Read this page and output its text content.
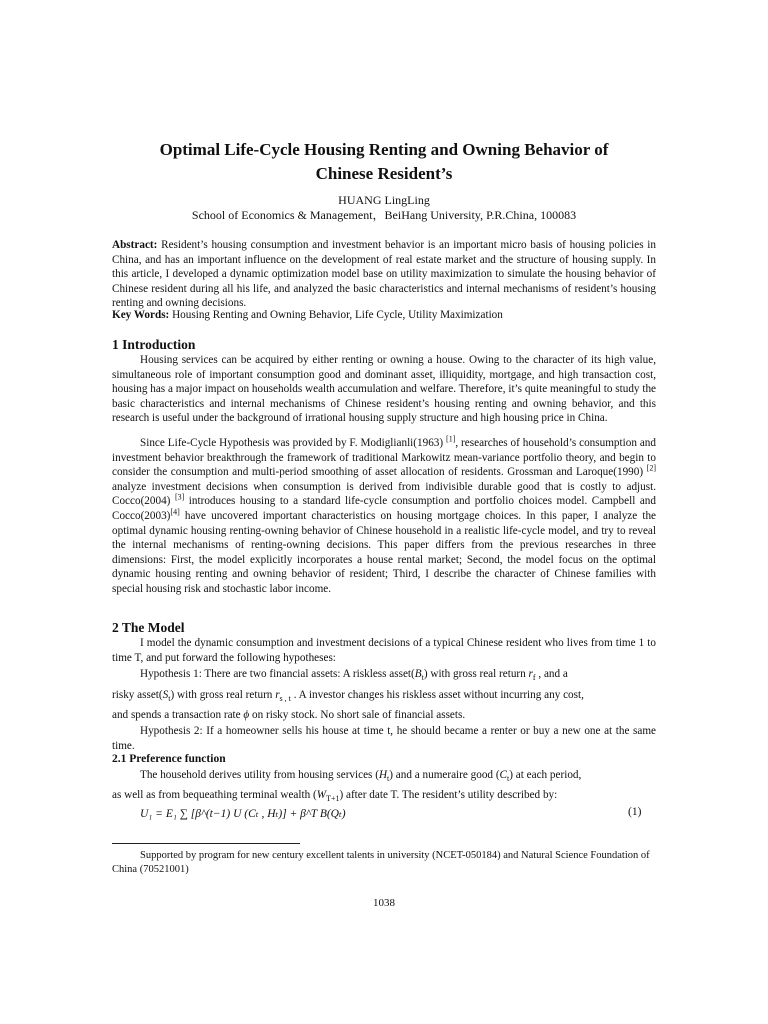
Optimal Life-Cycle Housing Renting and Owning Behavior of
Chinese Resident’s
HUANG LingLing
School of Economics & Management，BeiHang University, P.R.China, 100083
Abstract: Resident’s housing consumption and investment behavior is an important micro basis of housing policies in China, and has an important influence on the development of real estate market and the structure of housing supply. In this article, I developed a dynamic optimization model base on utility maximization to simulate the housing behavior of Chinese resident during all his life, and analyzed the basic characteristics and internal mechanisms of resident’s housing renting and owning decisions.
Key Words: Housing Renting and Owning Behavior, Life Cycle, Utility Maximization
1 Introduction
Housing services can be acquired by either renting or owning a house. Owing to the character of its high value, simultaneous role of important consumption good and dominant asset, illiquidity, mortgage, and high transaction cost, housing has a major impact on households wealth accumulation and welfare. Therefore, it’s quite meaningful to study the basic characteristics and internal mechanisms of Chinese resident’s housing renting and owning behavior, and this research is useful under the background of irrational housing supply structure and high housing price in China.
Since Life-Cycle Hypothesis was provided by F. Modiglianli(1963) [1], researches of household’s consumption and investment behavior breakthrough the framework of traditional Markowitz mean-variance portfolio theory, and begin to consider the consumption and multi-period smoothing of asset allocation of residents. Grossman and Laroque(1990) [2] analyze investment decisions when consumption is derived from indivisible durable good that is costly to adjust. Cocco(2004) [3] introduces housing to a standard life-cycle consumption and portfolio choices model. Campbell and Cocco(2003)[4] have uncovered important characteristics on housing mortgage choices. In this paper, I analyze the optimal dynamic housing renting-owning behavior of Chinese household in a realistic life-cycle model, and try to reveal the internal mechanisms of renting-owning decisions. This paper differs from the previous researches in three dimensions: First, the model explicitly incorporates a house rental market; Second, the model focus on the optimal dynamic housing renting and owning behavior of resident; Third, I describe the character of Chinese families with special housing risk and stochastic labor income.
2 The Model
I model the dynamic consumption and investment decisions of a typical Chinese resident who lives from time 1 to time T, and put forward the following hypotheses:
Hypothesis 1: There are two financial assets: A riskless $asset(B_t)$ with gross real return $r_f$ , and a
risky $asset(S_t)$ with gross real return $r_{s , t}$ . A investor changes his riskless asset without incurring any cost,
and spends a transaction rate ϕ on risky stock. No short sale of financial assets.
Hypothesis 2: If a homeowner sells his house at time t, he should became a renter or buy a new one at the same time.
2.1 Preference function
The household derives utility from housing services $(H_t)$ and a numeraire good $(C_t)$ at each period,
as well as from bequeathing terminal wealth $(W_{T+1})$ after date T. The resident’s utility described by:
U₁ = E₁ ∑ [β^(t−1) U (Cₜ , Hₜ)] + β^T B(Qₜ)	(1)
Supported by program for new century excellent talents in university (NCET-050184) and Natural Science Foundation of China (70521001)
1038
